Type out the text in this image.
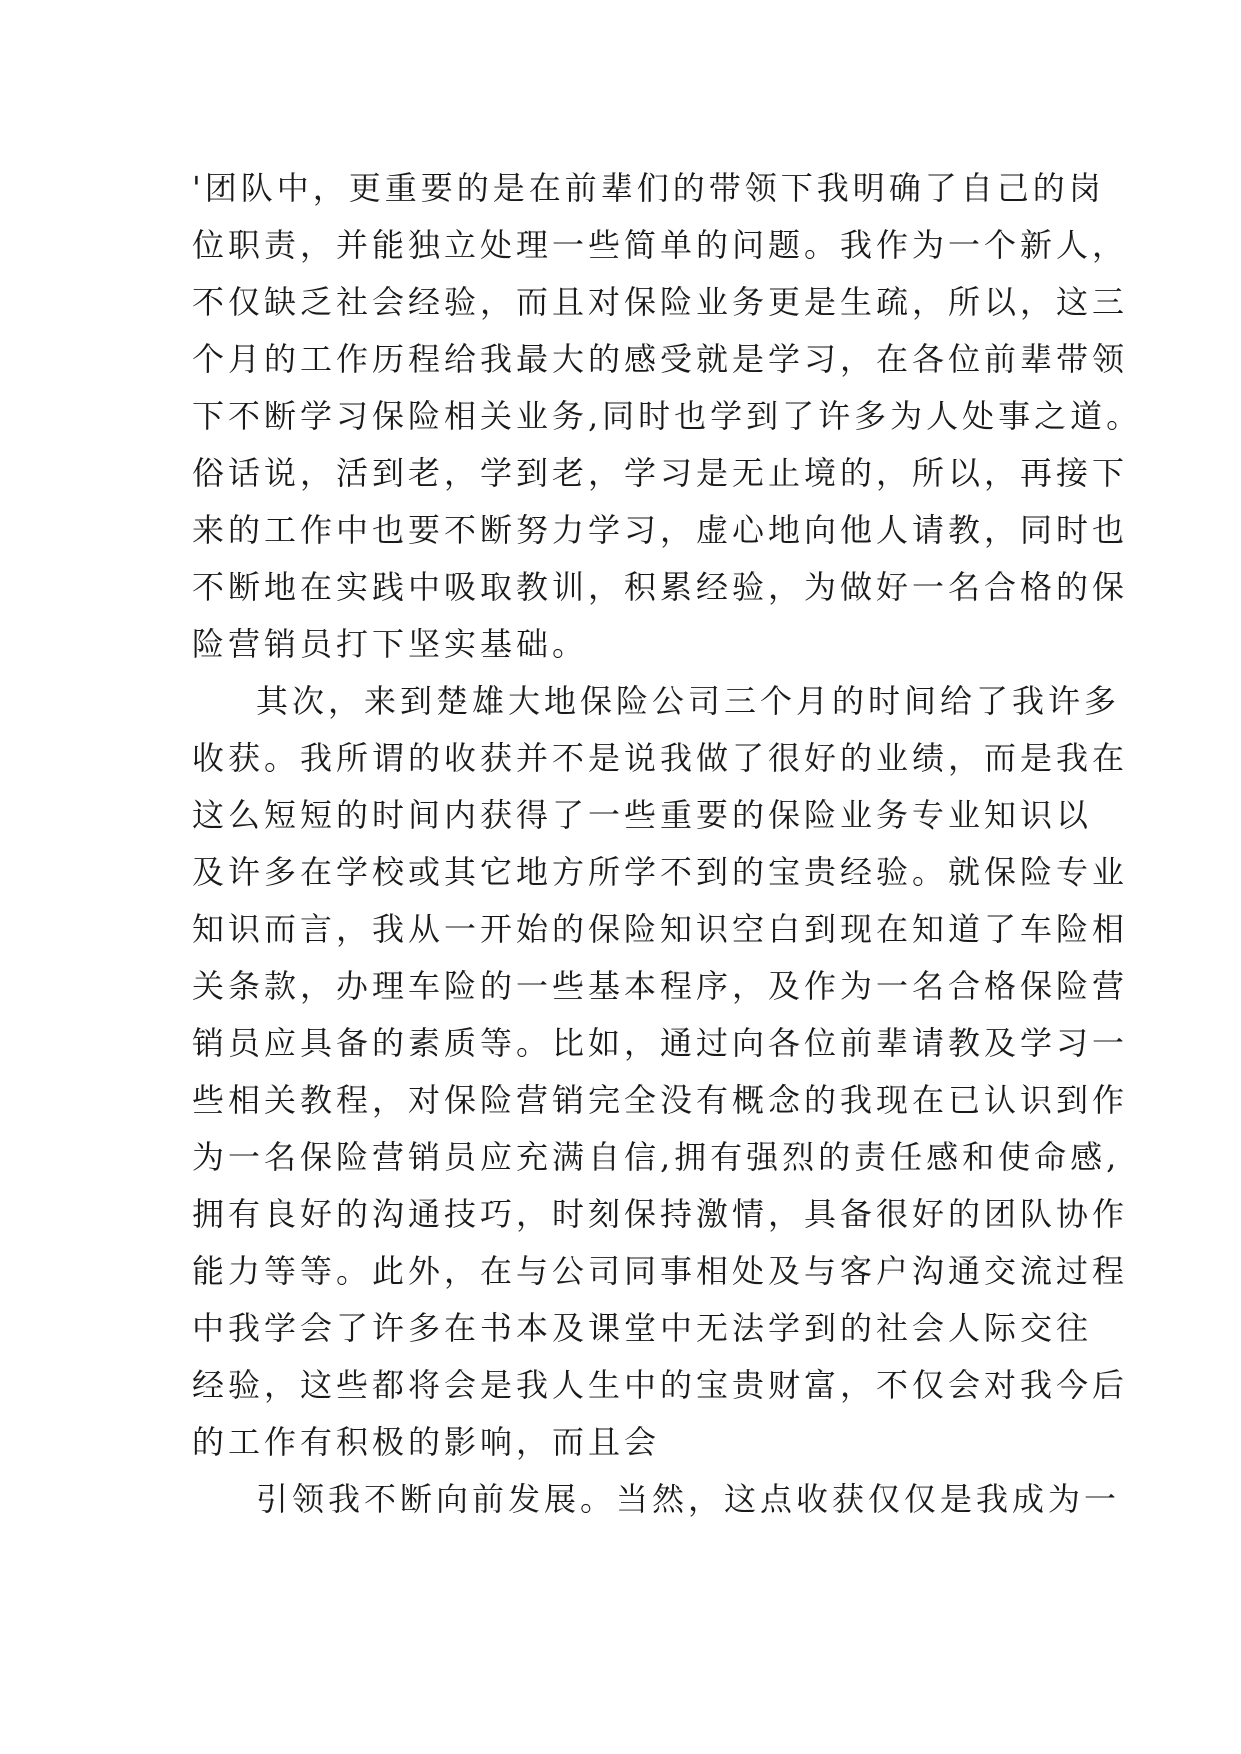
'团队中，更重要的是在前辈们的带领下我明确了自己的岗
位职责，并能独立处理一些简单的问题。我作为一个新人，
不仅缺乏社会经验，而且对保险业务更是生疏，所以，这三
个月的工作历程给我最大的感受就是学习，在各位前辈带领
下不断学习保险相关业务,同时也学到了许多为人处事之道。
俗话说，活到老，学到老，学习是无止境的，所以，再接下
来的工作中也要不断努力学习，虚心地向他人请教，同时也
不断地在实践中吸取教训，积累经验，为做好一名合格的保
险营销员打下坚实基础。
其次，来到楚雄大地保险公司三个月的时间给了我许多
收获。我所谓的收获并不是说我做了很好的业绩，而是我在
这么短短的时间内获得了一些重要的保险业务专业知识以
及许多在学校或其它地方所学不到的宝贵经验。就保险专业
知识而言，我从一开始的保险知识空白到现在知道了车险相
关条款，办理车险的一些基本程序，及作为一名合格保险营
销员应具备的素质等。比如，通过向各位前辈请教及学习一
些相关教程，对保险营销完全没有概念的我现在已认识到作
为一名保险营销员应充满自信,拥有强烈的责任感和使命感,
拥有良好的沟通技巧，时刻保持激情，具备很好的团队协作
能力等等。此外，在与公司同事相处及与客户沟通交流过程
中我学会了许多在书本及课堂中无法学到的社会人际交往
经验，这些都将会是我人生中的宝贵财富，不仅会对我今后
的工作有积极的影响，而且会
引领我不断向前发展。当然，这点收获仅仅是我成为一
